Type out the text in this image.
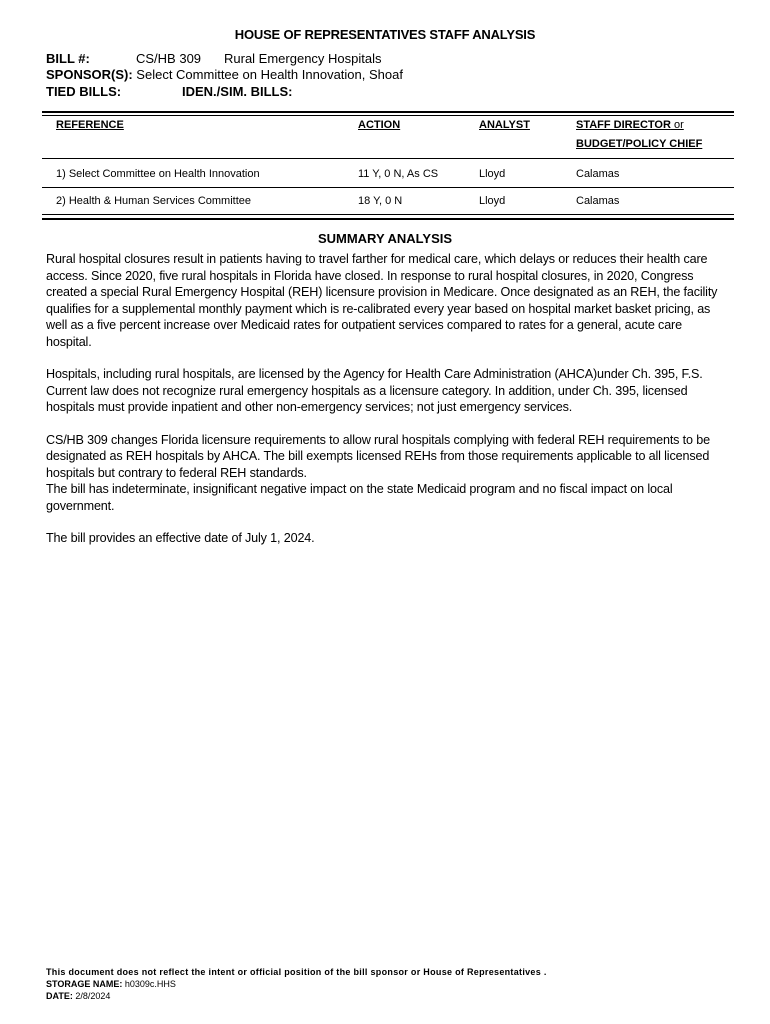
HOUSE OF REPRESENTATIVES STAFF ANALYSIS
BILL #:	CS/HB 309 Rural Emergency Hospitals
SPONSOR(S): Select Committee on Health Innovation, Shoaf
TIED BILLS:	IDEN./SIM. BILLS:
REFERENCE	ACTION	ANALYST	STAFF DIRECTOR or
BUDGET/POLICY CHIEF
1) Select Committee on Health Innovation	11 Y, 0 N, As CS	Lloyd	Calamas
2) Health & Human Services Committee	18 Y, 0 N	Lloyd	Calamas
SUMMARY ANALYSIS

Rural hospital closures result in patients having to travel farther for medical care, which delays or reduces their health care access. Since 2020, five rural hospitals in Florida have closed. In response to rural hospital closures, in 2020, Congress created a special Rural Emergency Hospital (REH) licensure provision in Medicare. Once designated as an REH, the facility qualifies for a supplemental monthly payment which is re-calibrated every year based on hospital market basket pricing, as well as a five percent increase over Medicaid rates for outpatient services compared to rates for a general, acute care hospital.

Hospitals, including rural hospitals, are licensed by the Agency for Health Care Administration (AHCA)under Ch. 395, F.S. Current law does not recognize rural emergency hospitals as a licensure category. In addition, under Ch. 395, licensed hospitals must provide inpatient and other non-emergency services; not just emergency services.

CS/HB 309 changes Florida licensure requirements to allow rural hospitals complying with federal REH requirements to be designated as REH hospitals by AHCA. The bill exempts licensed REHs from those requirements applicable to all licensed hospitals but contrary to federal REH standards.

The bill has indeterminate, insignificant negative impact on the state Medicaid program and no fiscal impact on local government.

The bill provides an effective date of July 1, 2024.

This document does not reflect the intent or official position of the bill sponsor or House of Representatives .
STORAGE NAME: h0309c.HHS
DATE: 2/8/2024
